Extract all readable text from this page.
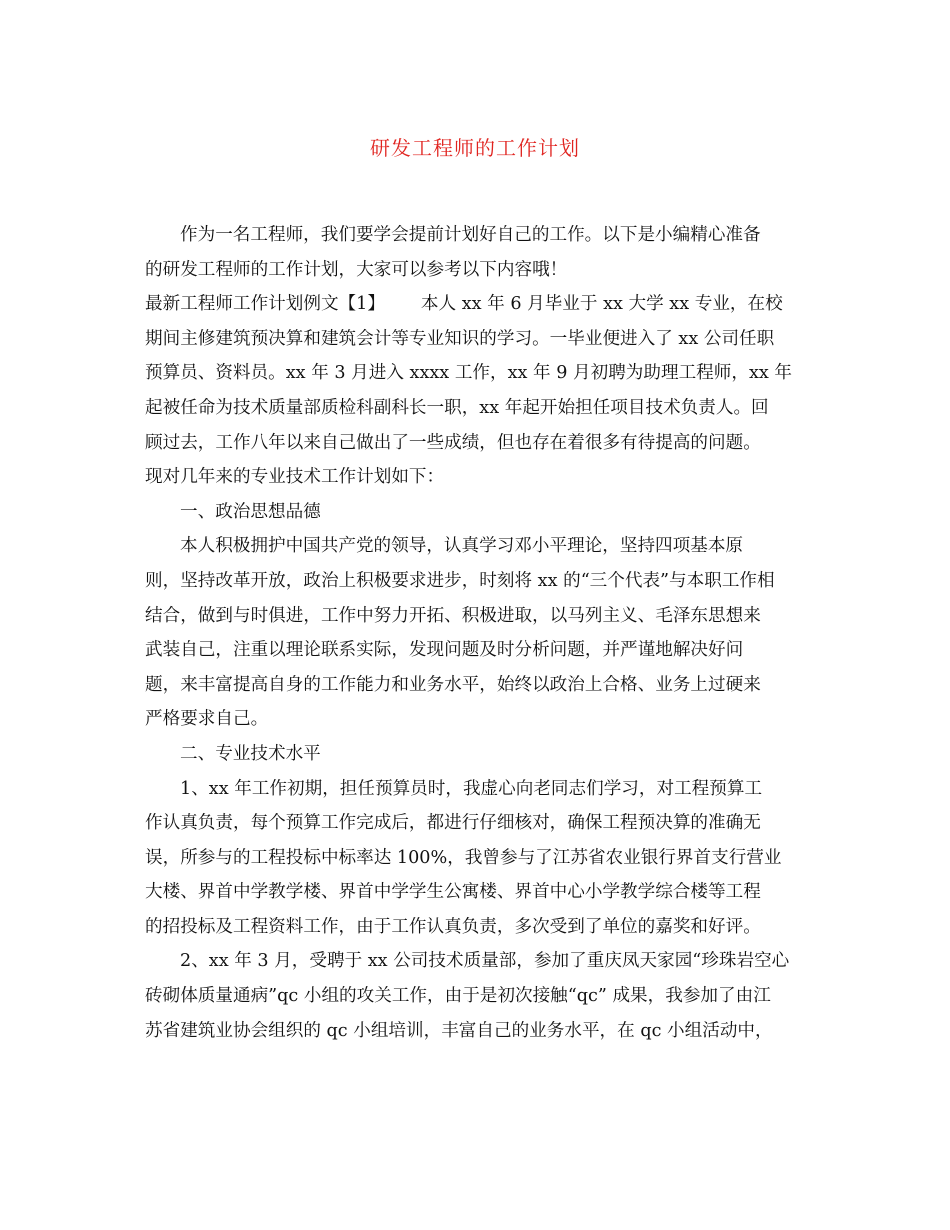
研发工程师的工作计划
作为一名工程师，我们要学会提前计划好自己的工作。以下是小编精心准备
的研发工程师的工作计划，大家可以参考以下内容哦！
最新工程师工作计划例文【1】 本人 xx 年 6 月毕业于 xx 大学 xx 专业，在校
期间主修建筑预决算和建筑会计等专业知识的学习。一毕业便进入了 xx 公司任职
预算员、资料员。xx 年 3 月进入 xxxx 工作，xx 年 9 月初聘为助理工程师，xx 年
起被任命为技术质量部质检科副科长一职，xx 年起开始担任项目技术负责人。回
顾过去，工作八年以来自己做出了一些成绩，但也存在着很多有待提高的问题。
现对几年来的专业技术工作计划如下：
一、政治思想品德
本人积极拥护中国共产党的领导，认真学习邓小平理论，坚持四项基本原
则，坚持改革开放，政治上积极要求进步，时刻将 xx 的“三个代表”与本职工作相
结合，做到与时俱进，工作中努力开拓、积极进取，以马列主义、毛泽东思想来
武装自己，注重以理论联系实际，发现问题及时分析问题，并严谨地解决好问
题，来丰富提高自身的工作能力和业务水平，始终以政治上合格、业务上过硬来
严格要求自己。
二、专业技术水平
1、xx 年工作初期，担任预算员时，我虚心向老同志们学习，对工程预算工
作认真负责，每个预算工作完成后，都进行仔细核对，确保工程预决算的准确无
误，所参与的工程投标中标率达 100%，我曾参与了江苏省农业银行界首支行营业
大楼、界首中学教学楼、界首中学学生公寓楼、界首中心小学教学综合楼等工程
的招投标及工程资料工作，由于工作认真负责，多次受到了单位的嘉奖和好评。
2、xx 年 3 月，受聘于 xx 公司技术质量部，参加了重庆凤天家园“珍珠岩空心
砖砌体质量通病”qc 小组的攻关工作，由于是初次接触“qc” 成果，我参加了由江
苏省建筑业协会组织的 qc 小组培训，丰富自己的业务水平，在 qc 小组活动中，
